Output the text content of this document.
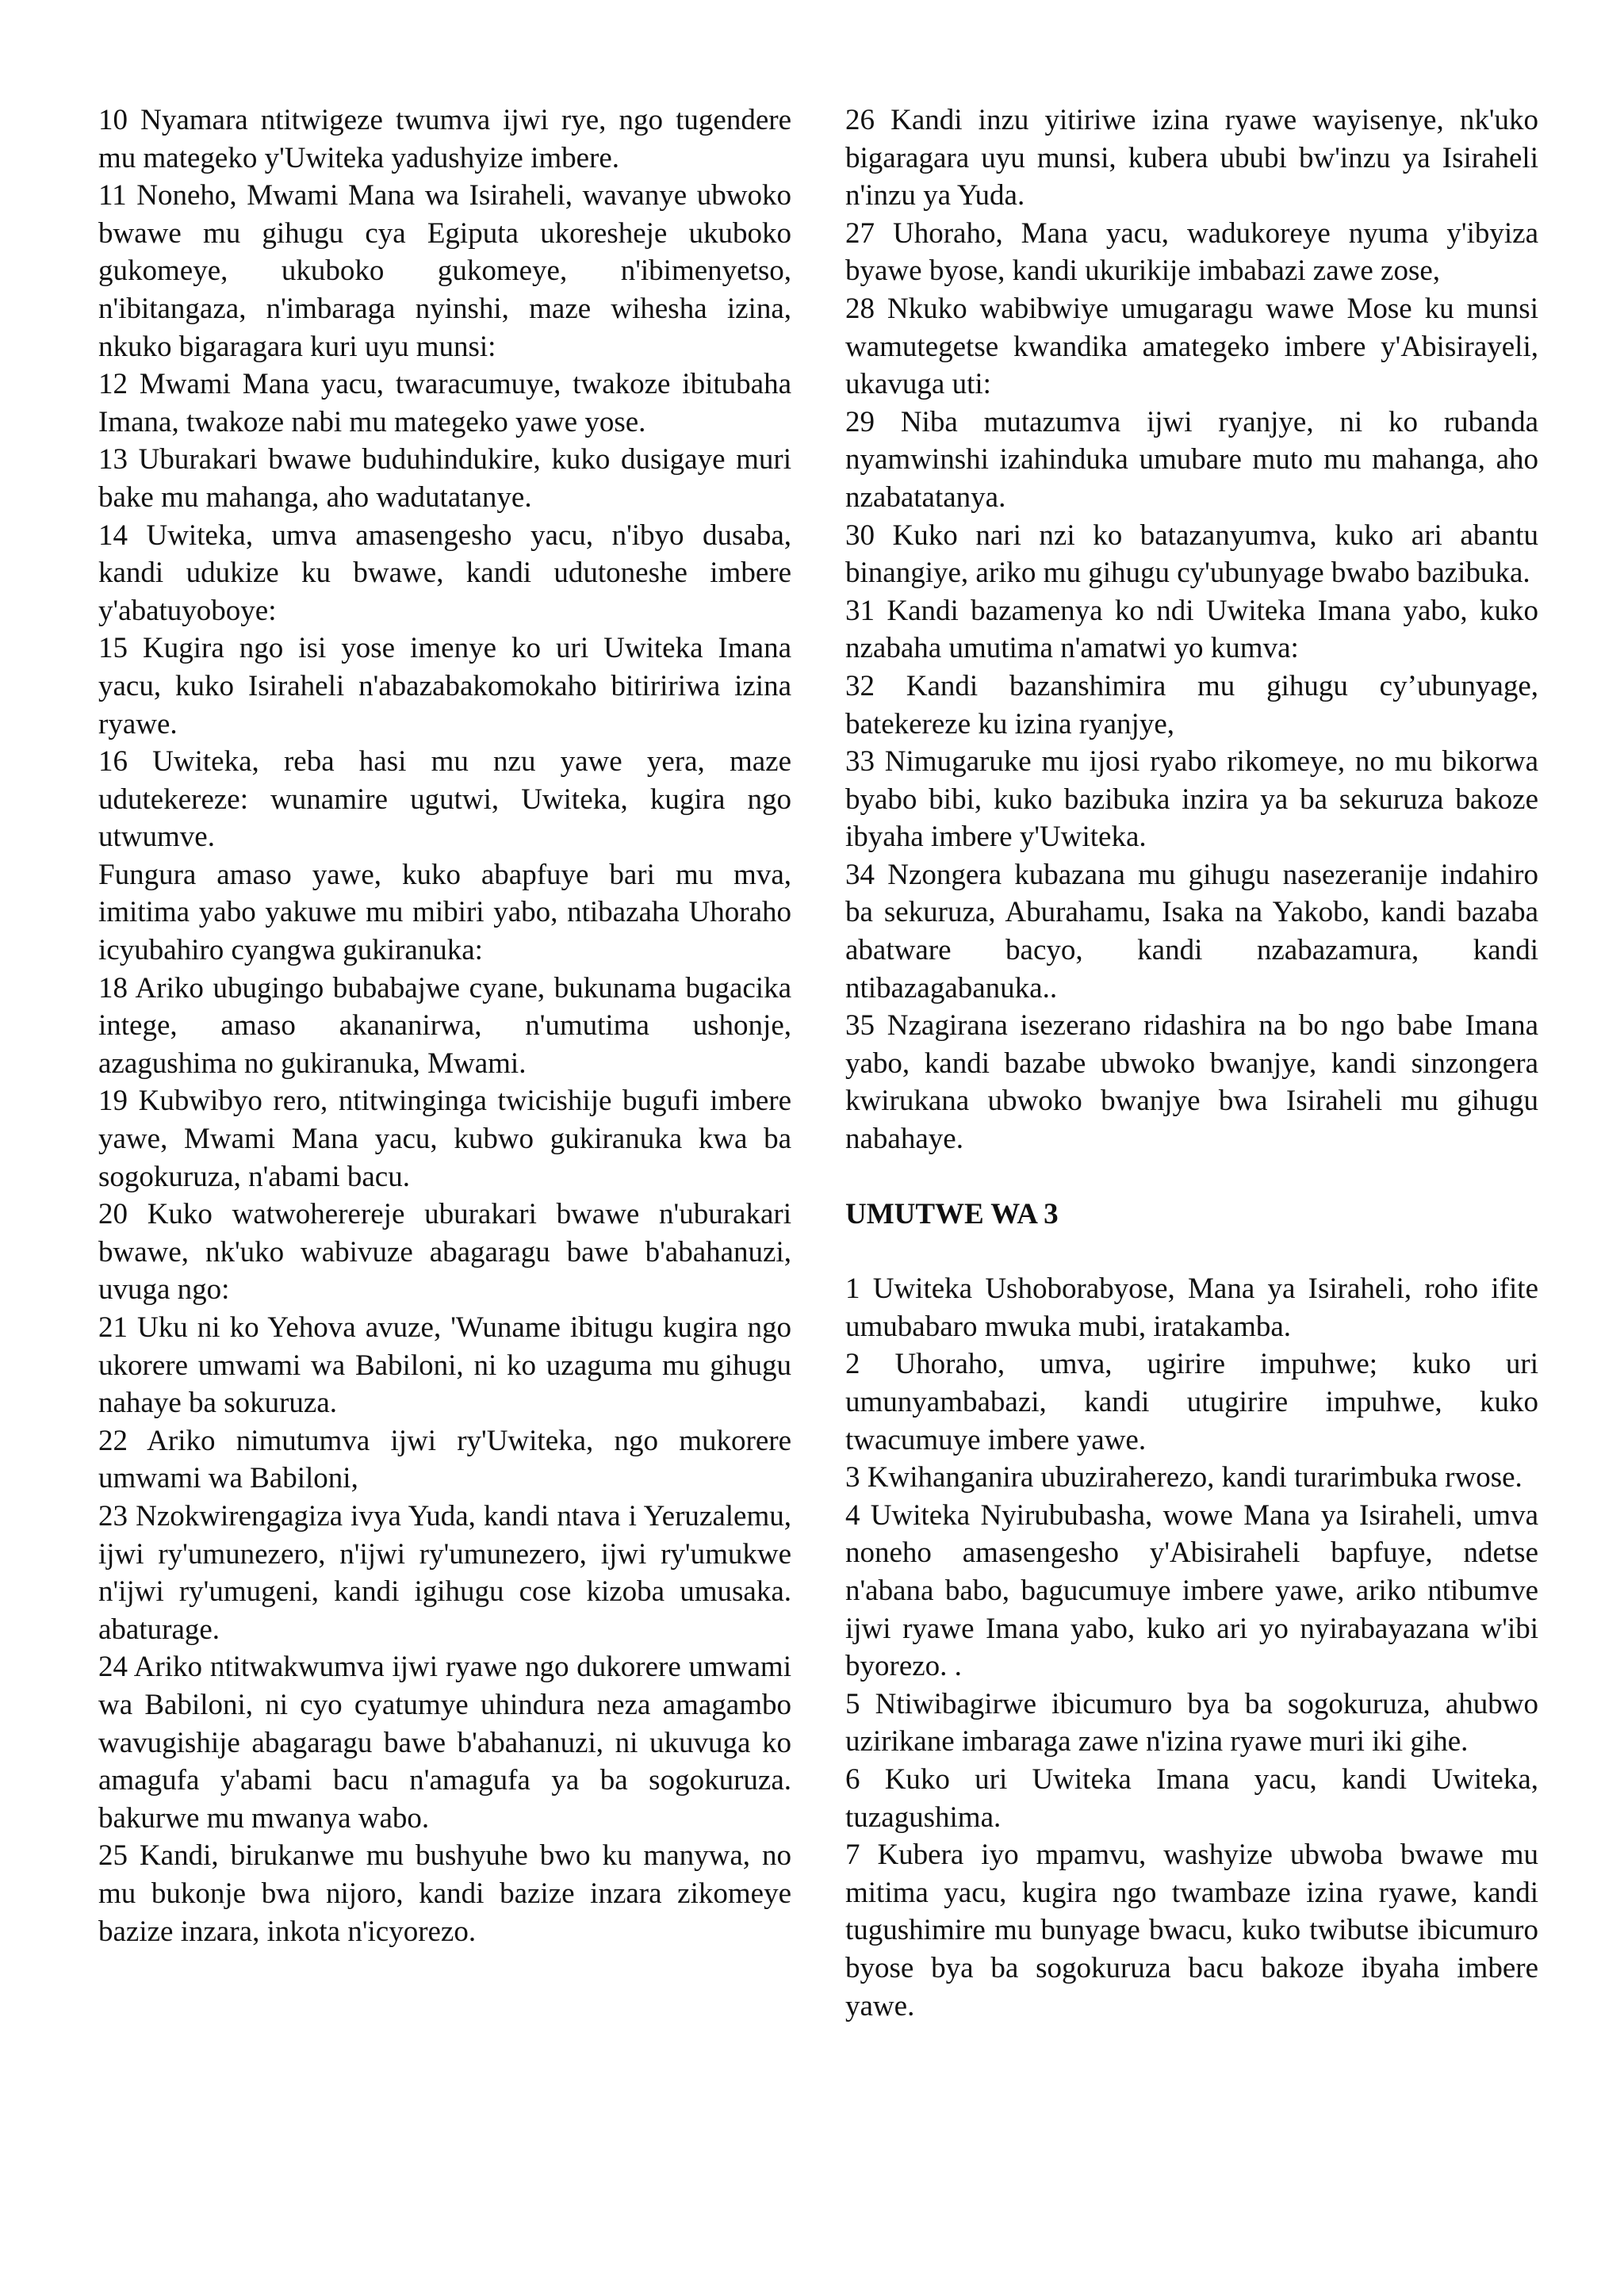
10 Nyamara ntitwigeze twumva ijwi rye, ngo tugendere mu mategeko y'Uwiteka yadushyize imbere.

11 Noneho, Mwami Mana wa Isiraheli, wavanye ubwoko bwawe mu gihugu cya Egiputa ukoresheje ukuboko gukomeye, ukuboko gukomeye, n'ibimenyetso, n'ibitangaza, n'imbaraga nyinshi, maze wihesha izina, nkuko bigaragara kuri uyu munsi:

12 Mwami Mana yacu, twaracumuye, twakoze ibitubaha Imana, twakoze nabi mu mategeko yawe yose.

13 Uburakari bwawe buduhindukire, kuko dusigaye muri bake mu mahanga, aho wadutatanye.

14 Uwiteka, umva amasengesho yacu, n'ibyo dusaba, kandi udukize ku bwawe, kandi udutoneshe imbere y'abatuyoboye:

15 Kugira ngo isi yose imenye ko uri Uwiteka Imana yacu, kuko Isiraheli n'abazabakomokaho bitiririwa izina ryawe.

16 Uwiteka, reba hasi mu nzu yawe yera, maze udutekereze: wunamire ugutwi, Uwiteka, kugira ngo utwumve.

Fungura amaso yawe, kuko abapfuye bari mu mva, imitima yabo yakuwe mu mibiri yabo, ntibazaha Uhoraho icyubahiro cyangwa gukiranuka:

18 Ariko ubugingo bubabajwe cyane, bukunama bugacika intege, amaso akananirwa, n'umutima ushonje, azagushima no gukiranuka, Mwami.

19 Kubwibyo rero, ntitwinginga twicishije bugufi imbere yawe, Mwami Mana yacu, kubwo gukiranuka kwa ba sogokuruza, n'abami bacu.

20 Kuko watwoherereje uburakari bwawe n'uburakari bwawe, nk'uko wabivuze abagaragu bawe b'abahanuzi, uvuga ngo:

21 Uku ni ko Yehova avuze, 'Wuname ibitugu kugira ngo ukorere umwami wa Babiloni, ni ko uzaguma mu gihugu nahaye ba sokuruza.

22 Ariko nimutumva ijwi ry'Uwiteka, ngo mukorere umwami wa Babiloni,

23 Nzokwirengagiza ivya Yuda, kandi ntava i Yeruzalemu, ijwi ry'umunezero, n'ijwi ry'umunezero, ijwi ry'umukwe n'ijwi ry'umugeni, kandi igihugu cose kizoba umusaka. abaturage.

24 Ariko ntitwakwumva ijwi ryawe ngo dukorere umwami wa Babiloni, ni cyo cyatumye uhindura neza amagambo wavugishije abagaragu bawe b'abahanuzi, ni ukuvuga ko amagufa y'abami bacu n'amagufa ya ba sogokuruza. bakurwe mu mwanya wabo.

25 Kandi, birukanwe mu bushyuhe bwo ku manywa, no mu bukonje bwa nijoro, kandi bazize inzara zikomeye bazize inzara, inkota n'icyorezo.

26 Kandi inzu yitiriwe izina ryawe wayisenye, nk'uko bigaragara uyu munsi, kubera ububi bw'inzu ya Isiraheli n'inzu ya Yuda.

27 Uhoraho, Mana yacu, wadukoreye nyuma y'ibyiza byawe byose, kandi ukurikije imbabazi zawe zose,

28 Nkuko wabibwiye umugaragu wawe Mose ku munsi wamutegetse kwandika amategeko imbere y'Abisirayeli, ukavuga uti:

29 Niba mutazumva ijwi ryanjye, ni ko rubanda nyamwinshi izahinduka umubare muto mu mahanga, aho nzabatatanya.

30 Kuko nari nzi ko batazanyumva, kuko ari abantu binangiye, ariko mu gihugu cy'ubunyage bwabo bazibuka.

31 Kandi bazamenya ko ndi Uwiteka Imana yabo, kuko nzabaha umutima n'amatwi yo kumva:

32 Kandi bazanshimira mu gihugu cy’ubunyage, batekereze ku izina ryanjye,

33 Nimugaruke mu ijosi ryabo rikomeye, no mu bikorwa byabo bibi, kuko bazibuka inzira ya ba sekuruza bakoze ibyaha imbere y'Uwiteka.

34 Nzongera kubazana mu gihugu nasezeranije indahiro ba sekuruza, Aburahamu, Isaka na Yakobo, kandi bazaba abatware bacyo, kandi nzabazamura, kandi ntibazagabanuka..

35 Nzagirana isezerano ridashira na bo ngo babe Imana yabo, kandi bazabe ubwoko bwanjye, kandi sinzongera kwirukana ubwoko bwanjye bwa Isiraheli mu gihugu nabahaye.

UMUTWE WA 3

1 Uwiteka Ushoborabyose, Mana ya Isiraheli, roho ifite umubabaro mwuka mubi, iratakamba.

2 Uhoraho, umva, ugirire impuhwe; kuko uri umunyambabazi, kandi utugirire impuhwe, kuko twacumuye imbere yawe.

3 Kwihanganira ubuziraherezo, kandi turarimbuka rwose.

4 Uwiteka Nyirububasha, wowe Mana ya Isiraheli, umva noneho amasengesho y'Abisiraheli bapfuye, ndetse n'abana babo, bagucumuye imbere yawe, ariko ntibumve ijwi ryawe Imana yabo, kuko ari yo nyirabayazana w'ibi byorezo. .

5 Ntiwibagirwe ibicumuro bya ba sogokuruza, ahubwo uzirikane imbaraga zawe n'izina ryawe muri iki gihe.

6 Kuko uri Uwiteka Imana yacu, kandi Uwiteka, tuzagushima.

7 Kubera iyo mpamvu, washyize ubwoba bwawe mu mitima yacu, kugira ngo twambaze izina ryawe, kandi tugushimire mu bunyage bwacu, kuko twibutse ibicumuro byose bya ba sogokuruza bacu bakoze ibyaha imbere yawe.
